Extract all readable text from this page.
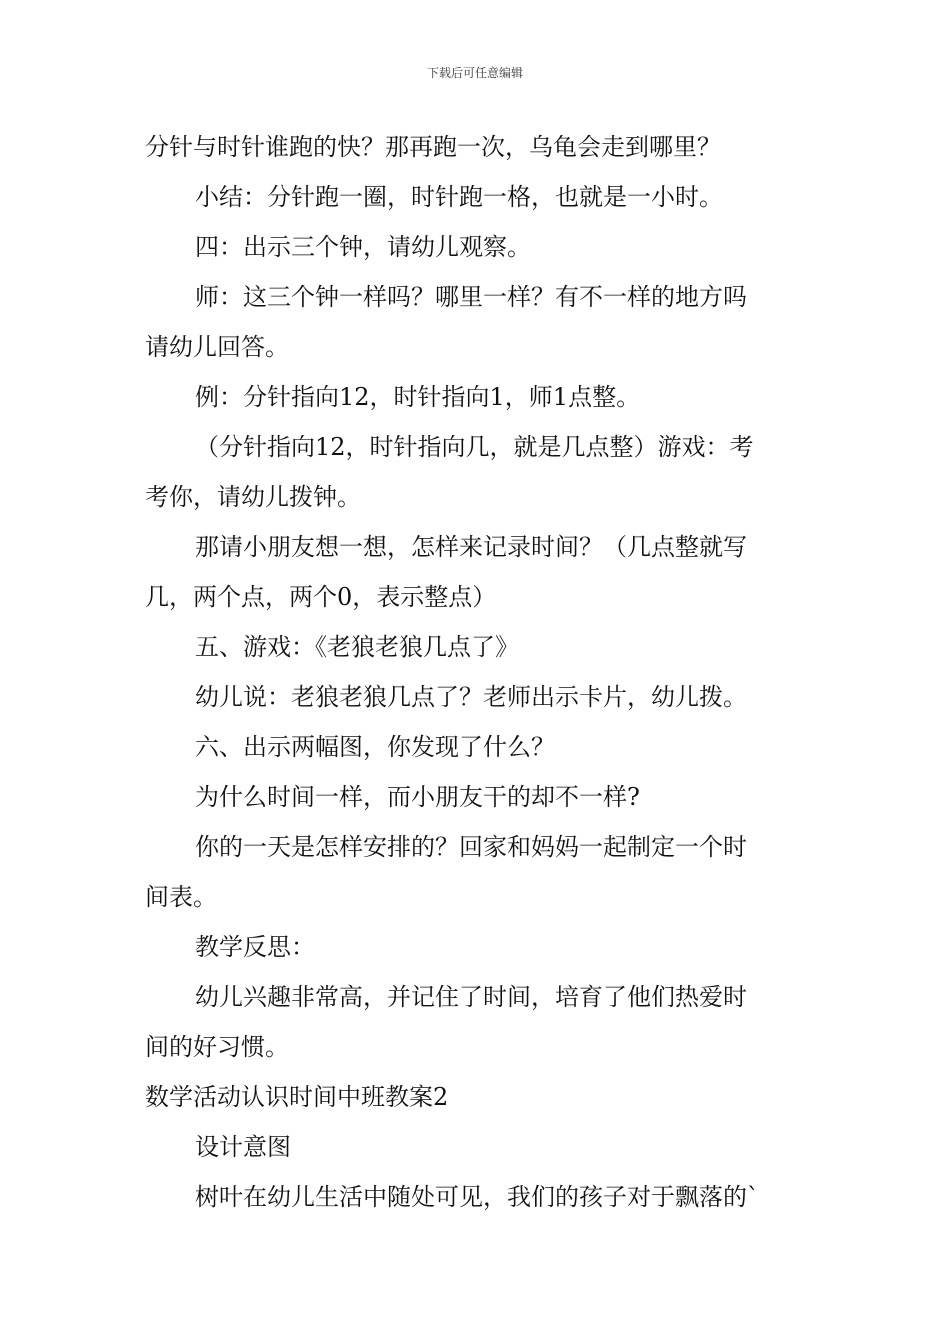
下载后可任意编辑

分针与时针谁跑的快？那再跑一次，乌龟会走到哪里？

小结：分针跑一圈，时针跑一格，也就是一小时。

四：出示三个钟，请幼儿观察。

师：这三个钟一样吗？哪里一样？有不一样的地方吗

请幼儿回答。

例：分针指向12，时针指向1，师1点整。

（分针指向12，时针指向几，就是几点整）游戏：考

考你，请幼儿拨钟。

那请小朋友想一想，怎样来记录时间？（几点整就写

几，两个点，两个0，表示整点）

五、游戏：《老狼老狼几点了》

幼儿说：老狼老狼几点了？老师出示卡片，幼儿拨。

六、出示两幅图，你发现了什么？

为什么时间一样，而小朋友干的却不一样?

你的一天是怎样安排的？回家和妈妈一起制定一个时

间表。

教学反思：

幼儿兴趣非常高，并记住了时间，培育了他们热爱时

间的好习惯。

数学活动认识时间中班教案2

设计意图

树叶在幼儿生活中随处可见，我们的孩子对于飘落的`
